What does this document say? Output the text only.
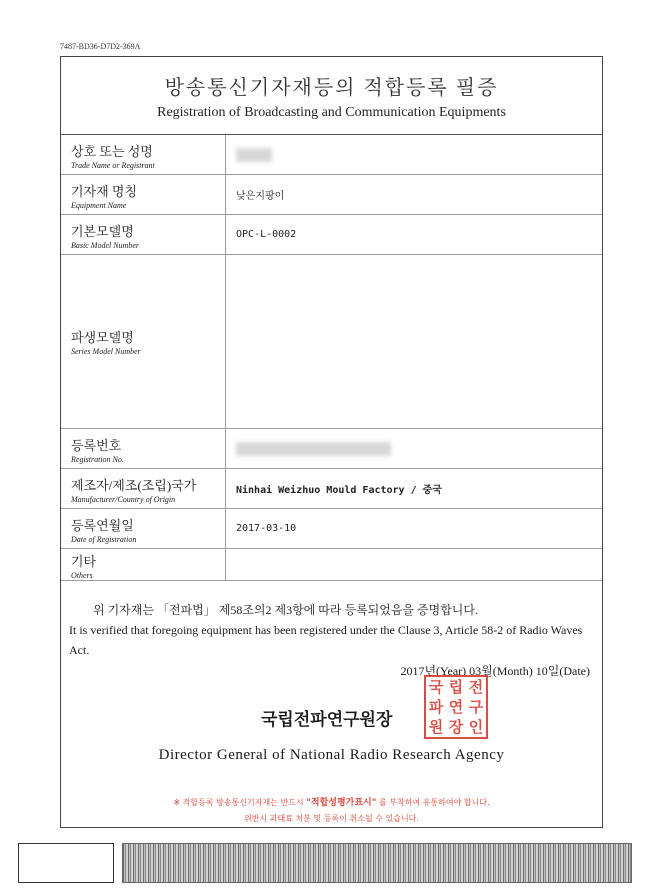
7487-BD36-D7D2-369A
방송통신기자재등의 적합등록 필증
Registration of Broadcasting and Communication Equipments
상호 또는 성명
Trade Name or Registrant
기자재 명칭
Equipment Name
낮은지팡이
기본모델명
Basic Model Number
OPC-L-0002
파생모델명
Series Model Number
등록번호
Registration No.
제조자/제조(조립)국가
Manufacturer/Country of Origin
Ninhai Weizhuo Mould Factory / 중국
등록연월일
Date of Registration
2017-03-10
기타
Others
위 기자재는 「전파법」 제58조의2 제3항에 따라 등록되었음을 증명합니다.
It is verified that foregoing equipment has been registered under the Clause 3, Article 58-2 of Radio Waves Act.
2017년(Year) 03월(Month) 10일(Date)
국 립 전
파 연 구
원 장 인
국립전파연구원장
Director General of National Radio Research Agency
※ 적합등록 방송통신기자재는 반드시 "적합성평가표시" 를 부착하여 유통하여야 합니다.
위반시 과태료 처분 및 등록이 취소될 수 있습니다.
